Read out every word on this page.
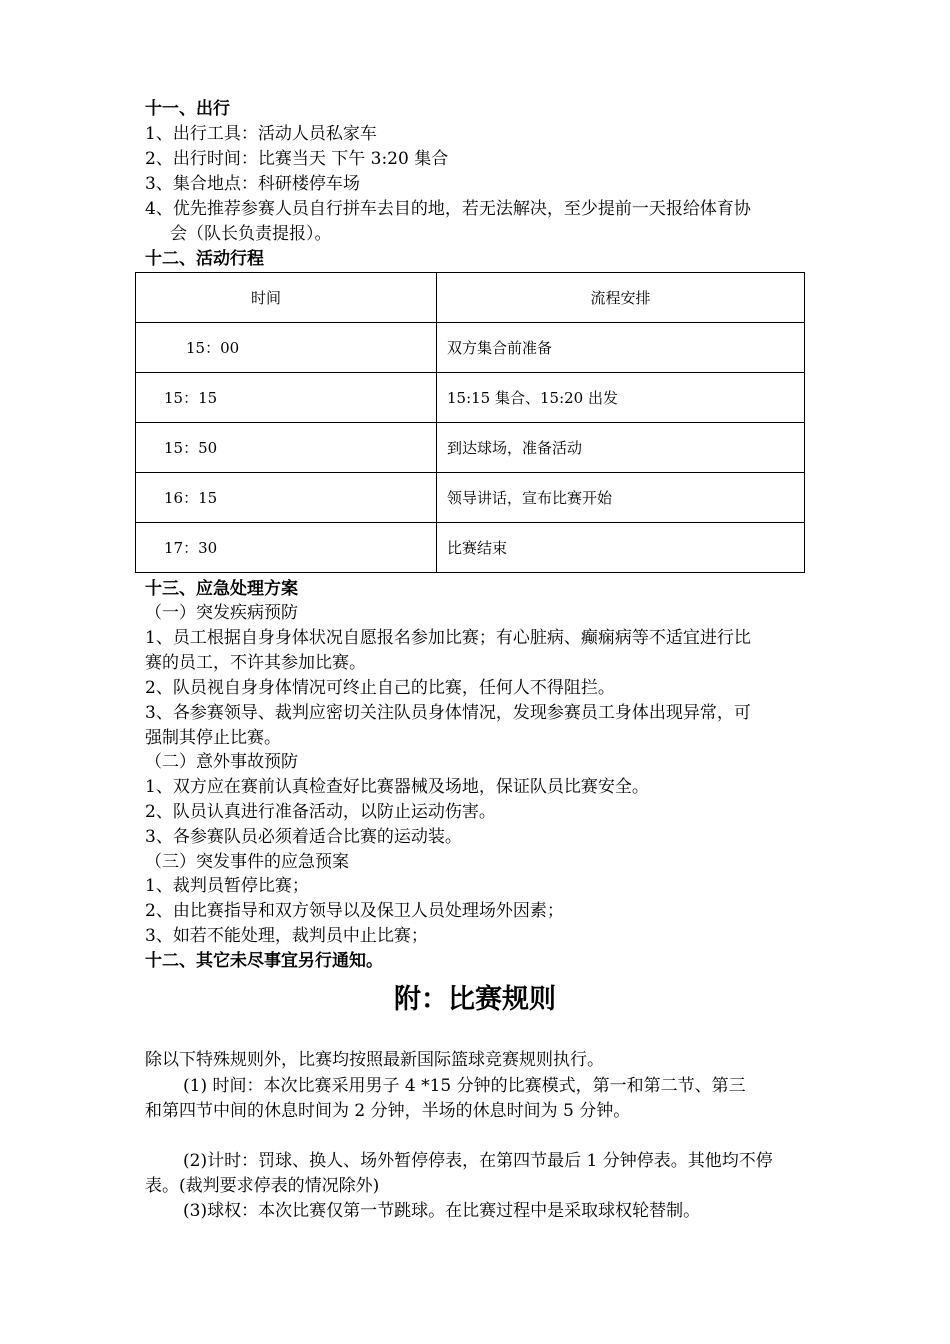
十一、出行
1、出行工具：活动人员私家车
2、出行时间：比赛当天 下午 3:20 集合
3、集合地点：科研楼停车场
4、优先推荐参赛人员自行拼车去目的地，若无法解决，至少提前一天报给体育协
会（队长负责提报）。
十二、活动行程
时间	流程安排
15：00	双方集合前准备
15：15	15:15 集合、15:20 出发
15：50	到达球场，准备活动
16：15	领导讲话，宣布比赛开始
17：30	比赛结束
十三、应急处理方案
（一）突发疾病预防
1、员工根据自身身体状况自愿报名参加比赛；有心脏病、癫痫病等不适宜进行比
赛的员工，不许其参加比赛。
2、队员视自身身体情况可终止自己的比赛，任何人不得阻拦。
3、各参赛领导、裁判应密切关注队员身体情况，发现参赛员工身体出现异常，可
强制其停止比赛。
（二）意外事故预防
1、双方应在赛前认真检查好比赛器械及场地，保证队员比赛安全。
2、队员认真进行准备活动，以防止运动伤害。
3、各参赛队员必须着适合比赛的运动装。
（三）突发事件的应急预案
1、裁判员暂停比赛；
2、由比赛指导和双方领导以及保卫人员处理场外因素；
3、如若不能处理，裁判员中止比赛；
十二、其它未尽事宜另行通知。
附：比赛规则
除以下特殊规则外，比赛均按照最新国际篮球竞赛规则执行。
(1) 时间：本次比赛采用男子 4 *15 分钟的比赛模式，第一和第二节、第三
和第四节中间的休息时间为 2 分钟，半场的休息时间为 5 分钟。
(2)计时：罚球、换人、场外暂停停表，在第四节最后 1 分钟停表。其他均不停
表。(裁判要求停表的情况除外)
(3)球权：本次比赛仅第一节跳球。在比赛过程中是采取球权轮替制。
